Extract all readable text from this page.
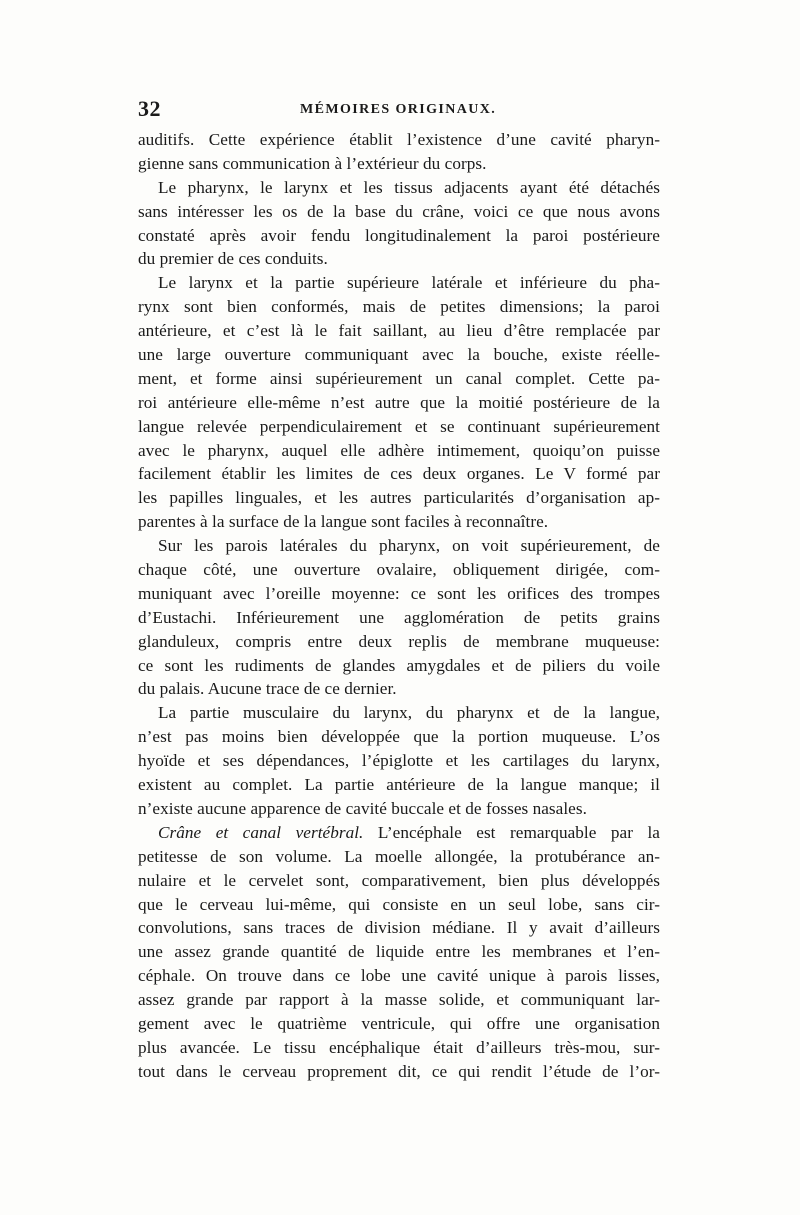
32	MÉMOIRES ORIGINAUX.
auditifs. Cette expérience établit l’existence d’une cavité pharyn-
gienne sans communication à l’extérieur du corps.
Le pharynx, le larynx et les tissus adjacents ayant été détachés
sans intéresser les os de la base du crâne, voici ce que nous avons
constaté après avoir fendu longitudinalement la paroi postérieure
du premier de ces conduits.
Le larynx et la partie supérieure latérale et inférieure du pha-
rynx sont bien conformés, mais de petites dimensions; la paroi
antérieure, et c’est là le fait saillant, au lieu d’être remplacée par
une large ouverture communiquant avec la bouche, existe réelle-
ment, et forme ainsi supérieurement un canal complet. Cette pa-
roi antérieure elle-même n’est autre que la moitié postérieure de la
langue relevée perpendiculairement et se continuant supérieurement
avec le pharynx, auquel elle adhère intimement, quoiqu’on puisse
facilement établir les limites de ces deux organes. Le V formé par
les papilles linguales, et les autres particularités d’organisation ap-
parentes à la surface de la langue sont faciles à reconnaître.
Sur les parois latérales du pharynx, on voit supérieurement, de
chaque côté, une ouverture ovalaire, obliquement dirigée, com-
muniquant avec l’oreille moyenne: ce sont les orifices des trompes
d’Eustachi. Inférieurement une agglomération de petits grains
glanduleux, compris entre deux replis de membrane muqueuse:
ce sont les rudiments de glandes amygdales et de piliers du voile
du palais. Aucune trace de ce dernier.
La partie musculaire du larynx, du pharynx et de la langue,
n’est pas moins bien développée que la portion muqueuse. L’os
hyoïde et ses dépendances, l’épiglotte et les cartilages du larynx,
existent au complet. La partie antérieure de la langue manque; il
n’existe aucune apparence de cavité buccale et de fosses nasales.
Crâne et canal vertébral. L’encéphale est remarquable par la
petitesse de son volume. La moelle allongée, la protubérance an-
nulaire et le cervelet sont, comparativement, bien plus développés
que le cerveau lui-même, qui consiste en un seul lobe, sans cir-
convolutions, sans traces de division médiane. Il y avait d’ailleurs
une assez grande quantité de liquide entre les membranes et l’en-
céphale. On trouve dans ce lobe une cavité unique à parois lisses,
assez grande par rapport à la masse solide, et communiquant lar-
gement avec le quatrième ventricule, qui offre une organisation
plus avancée. Le tissu encéphalique était d’ailleurs très-mou, sur-
tout dans le cerveau proprement dit, ce qui rendit l’étude de l’or-
